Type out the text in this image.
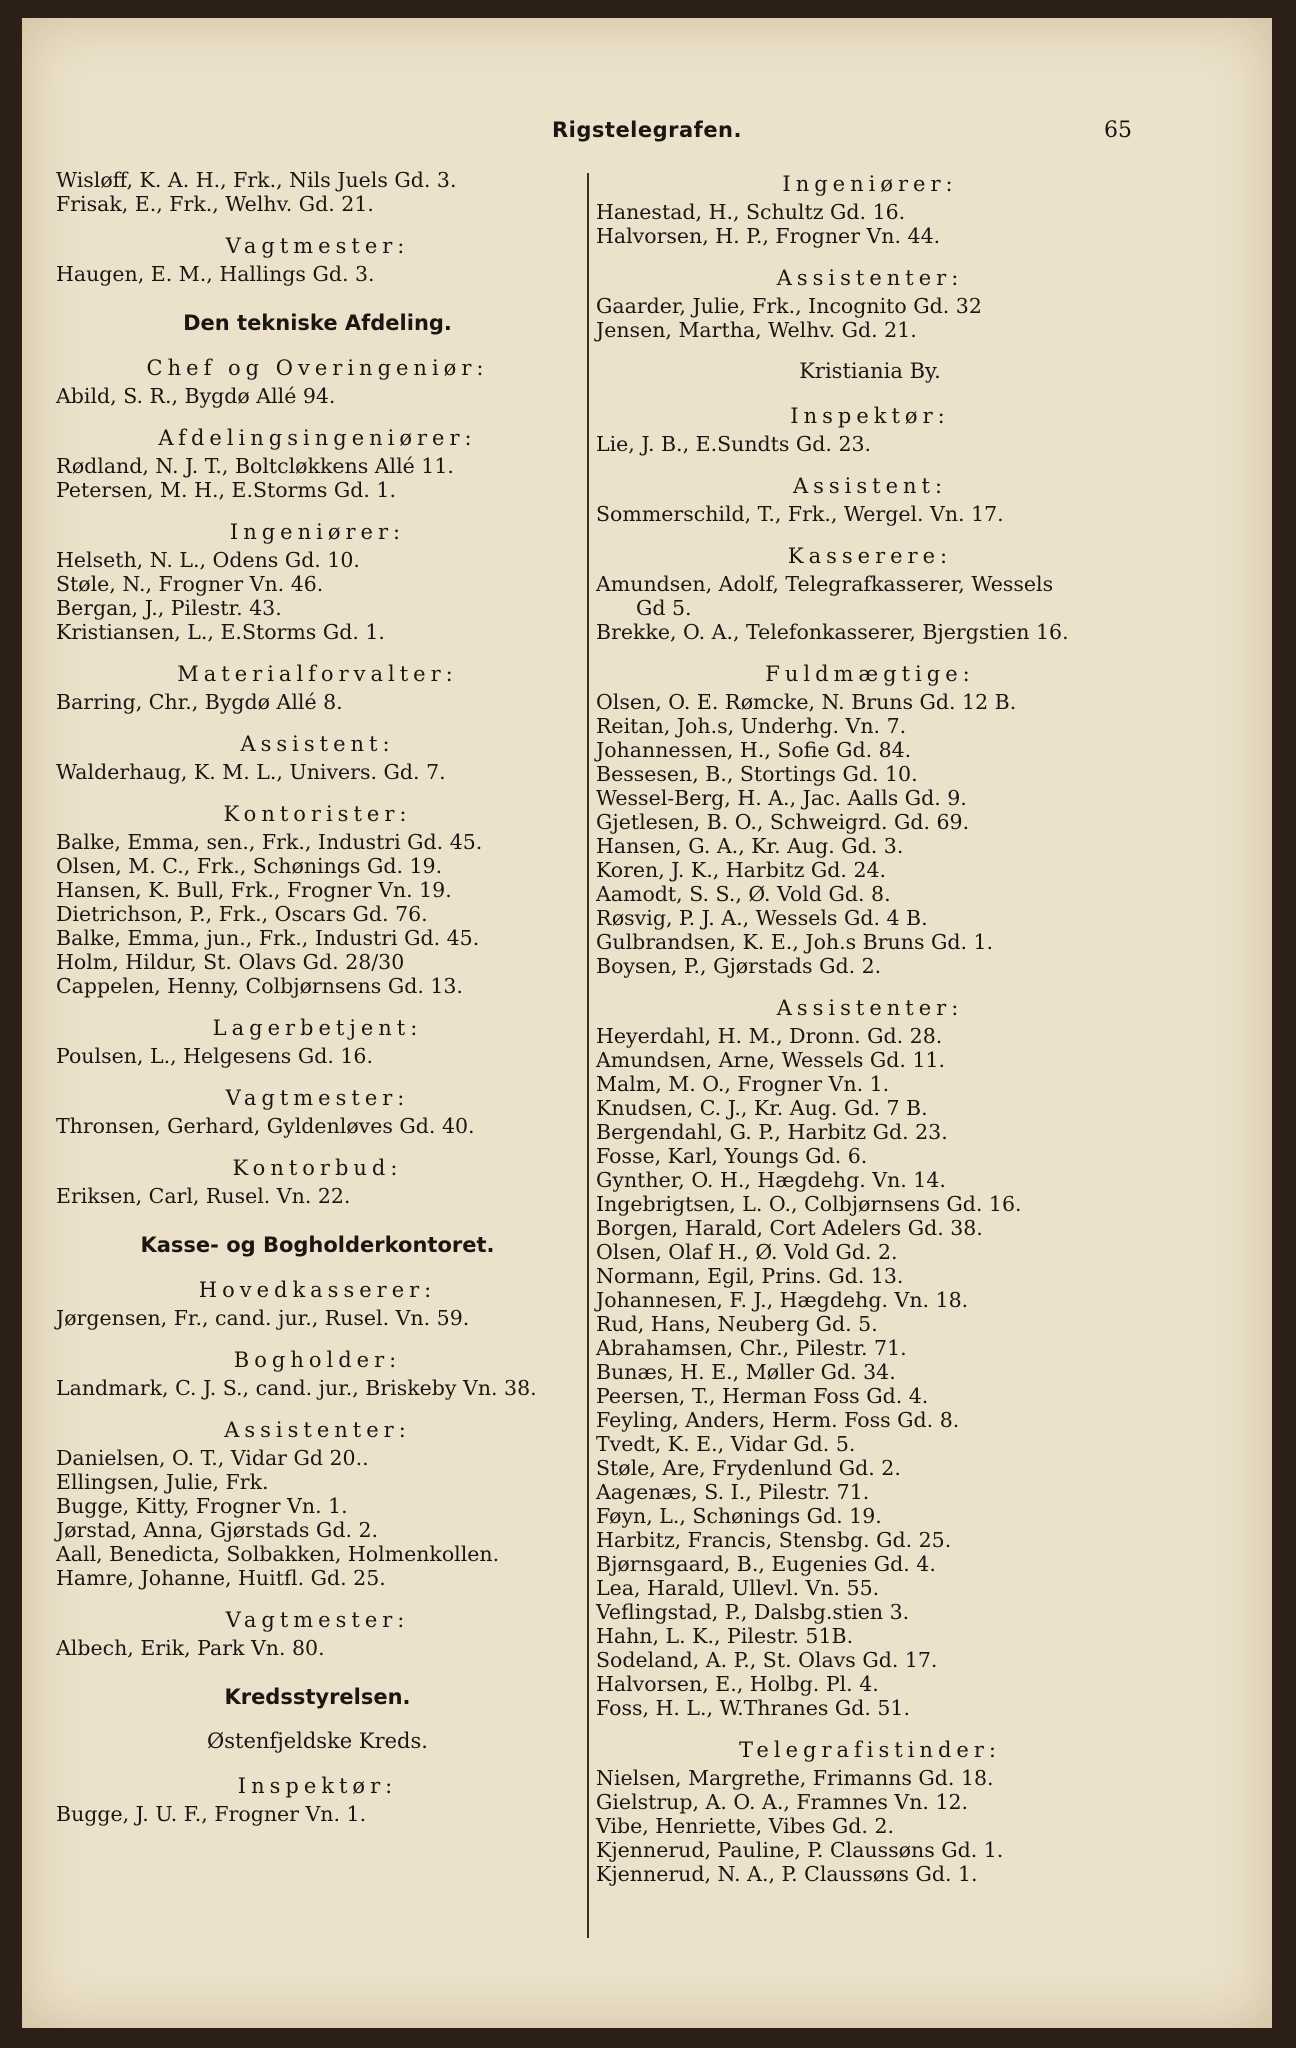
Rigstelegrafen.	65
Wisløff, K. A. H., Frk., Nils Juels Gd. 3.
Frisak, E., Frk., Welhv. Gd. 21.
Vagtmester:
Haugen, E. M., Hallings Gd. 3.
Den tekniske Afdeling.
Chef og Overingeniør:
Abild, S. R., Bygdø Allé 94.
Afdelingsingeniører:
Rødland, N. J. T., Boltcløkkens Allé 11.
Petersen, M. H., E.Storms Gd. 1.
Ingeniører:
Helseth, N. L., Odens Gd. 10.
Støle, N., Frogner Vn. 46.
Bergan, J., Pilestr. 43.
Kristiansen, L., E.Storms Gd. 1.
Materialforvalter:
Barring, Chr., Bygdø Allé 8.
Assistent:
Walderhaug, K. M. L., Univers. Gd. 7.
Kontorister:
Balke, Emma, sen., Frk., Industri Gd. 45.
Olsen, M. C., Frk., Schønings Gd. 19.
Hansen, K. Bull, Frk., Frogner Vn. 19.
Dietrichson, P., Frk., Oscars Gd. 76.
Balke, Emma, jun., Frk., Industri Gd. 45.
Holm, Hildur, St. Olavs Gd. 28/30
Cappelen, Henny, Colbjørnsens Gd. 13.
Lagerbetjent:
Poulsen, L., Helgesens Gd. 16.
Vagtmester:
Thronsen, Gerhard, Gyldenløves Gd. 40.
Kontorbud:
Eriksen, Carl, Rusel. Vn. 22.
Kasse- og Bogholderkontoret.
Hovedkasserer:
Jørgensen, Fr., cand. jur., Rusel. Vn. 59.
Bogholder:
Landmark, C. J. S., cand. jur., Briskeby Vn. 38.
Assistenter:
Danielsen, O. T., Vidar Gd 20..
Ellingsen, Julie, Frk.
Bugge, Kitty, Frogner Vn. 1.
Jørstad, Anna, Gjørstads Gd. 2.
Aall, Benedicta, Solbakken, Holmenkollen.
Hamre, Johanne, Huitfl. Gd. 25.
Vagtmester:
Albech, Erik, Park Vn. 80.
Kredsstyrelsen.
Østenfjeldske Kreds.
Inspektør:
Bugge, J. U. F., Frogner Vn. 1.
Ingeniører:
Hanestad, H., Schultz Gd. 16.
Halvorsen, H. P., Frogner Vn. 44.
Assistenter:
Gaarder, Julie, Frk., Incognito Gd. 32
Jensen, Martha, Welhv. Gd. 21.
Kristiania By.
Inspektør:
Lie, J. B., E.Sundts Gd. 23.
Assistent:
Sommerschild, T., Frk., Wergel. Vn. 17.
Kasserere:
Amundsen, Adolf, Telegrafkasserer, Wessels
Gd 5.
Brekke, O. A., Telefonkasserer, Bjergstien 16.
Fuldmægtige:
Olsen, O. E. Rømcke, N. Bruns Gd. 12 B.
Reitan, Joh.s, Underhg. Vn. 7.
Johannessen, H., Sofie Gd. 84.
Bessesen, B., Stortings Gd. 10.
Wessel-Berg, H. A., Jac. Aalls Gd. 9.
Gjetlesen, B. O., Schweigrd. Gd. 69.
Hansen, G. A., Kr. Aug. Gd. 3.
Koren, J. K., Harbitz Gd. 24.
Aamodt, S. S., Ø. Vold Gd. 8.
Røsvig, P. J. A., Wessels Gd. 4 B.
Gulbrandsen, K. E., Joh.s Bruns Gd. 1.
Boysen, P., Gjørstads Gd. 2.
Assistenter:
Heyerdahl, H. M., Dronn. Gd. 28.
Amundsen, Arne, Wessels Gd. 11.
Malm, M. O., Frogner Vn. 1.
Knudsen, C. J., Kr. Aug. Gd. 7 B.
Bergendahl, G. P., Harbitz Gd. 23.
Fosse, Karl, Youngs Gd. 6.
Gynther, O. H., Hægdehg. Vn. 14.
Ingebrigtsen, L. O., Colbjørnsens Gd. 16.
Borgen, Harald, Cort Adelers Gd. 38.
Olsen, Olaf H., Ø. Vold Gd. 2.
Normann, Egil, Prins. Gd. 13.
Johannesen, F. J., Hægdehg. Vn. 18.
Rud, Hans, Neuberg Gd. 5.
Abrahamsen, Chr., Pilestr. 71.
Bunæs, H. E., Møller Gd. 34.
Peersen, T., Herman Foss Gd. 4.
Feyling, Anders, Herm. Foss Gd. 8.
Tvedt, K. E., Vidar Gd. 5.
Støle, Are, Frydenlund Gd. 2.
Aagenæs, S. I., Pilestr. 71.
Føyn, L., Schønings Gd. 19.
Harbitz, Francis, Stensbg. Gd. 25.
Bjørnsgaard, B., Eugenies Gd. 4.
Lea, Harald, Ullevl. Vn. 55.
Veflingstad, P., Dalsbg.stien 3.
Hahn, L. K., Pilestr. 51B.
Sodeland, A. P., St. Olavs Gd. 17.
Halvorsen, E., Holbg. Pl. 4.
Foss, H. L., W.Thranes Gd. 51.
Telegrafistinder:
Nielsen, Margrethe, Frimanns Gd. 18.
Gielstrup, A. O. A., Framnes Vn. 12.
Vibe, Henriette, Vibes Gd. 2.
Kjennerud, Pauline, P. Claussøns Gd. 1.
Kjennerud, N. A., P. Claussøns Gd. 1.
